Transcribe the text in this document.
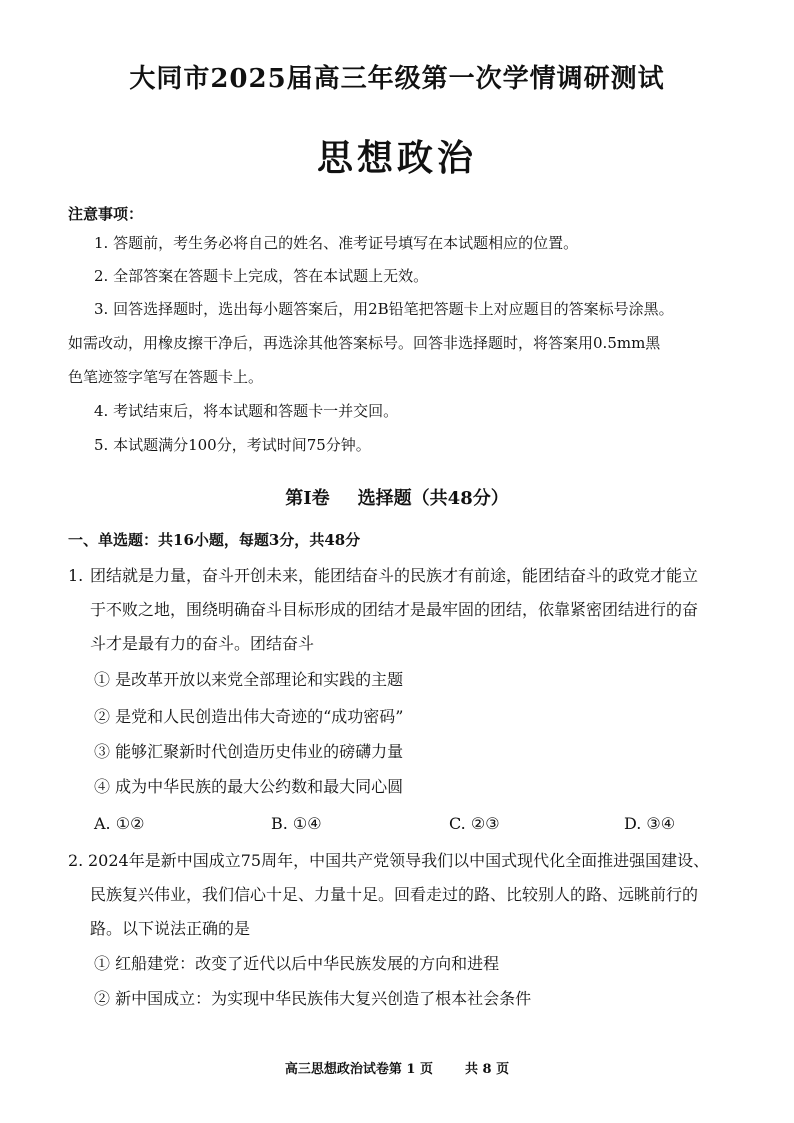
大同市2025届高三年级第一次学情调研测试
思想政治
注意事项：
1. 答题前，考生务必将自己的姓名、准考证号填写在本试题相应的位置。
2. 全部答案在答题卡上完成，答在本试题上无效。
3. 回答选择题时，选出每小题答案后，用2B铅笔把答题卡上对应题目的答案标号涂黑。
如需改动，用橡皮擦干净后，再选涂其他答案标号。回答非选择题时，将答案用0.5mm黑
色笔迹签字笔写在答题卡上。
4. 考试结束后，将本试题和答题卡一并交回。
5. 本试题满分100分，考试时间75分钟。
第Ⅰ卷 选择题（共48分）
一、单选题：共16小题，每题3分，共48分
1. 团结就是力量，奋斗开创未来，能团结奋斗的民族才有前途，能团结奋斗的政党才能立
于不败之地，围绕明确奋斗目标形成的团结才是最牢固的团结，依靠紧密团结进行的奋
斗才是最有力的奋斗。团结奋斗
① 是改革开放以来党全部理论和实践的主题
② 是党和人民创造出伟大奇迹的“成功密码”
③ 能够汇聚新时代创造历史伟业的磅礴力量
④ 成为中华民族的最大公约数和最大同心圆
A. ①②	B. ①④	C. ②③	D. ③④
2. 2024年是新中国成立75周年，中国共产党领导我们以中国式现代化全面推进强国建设、
民族复兴伟业，我们信心十足、力量十足。回看走过的路、比较别人的路、远眺前行的
路。以下说法正确的是
① 红船建党：改变了近代以后中华民族发展的方向和进程
② 新中国成立：为实现中华民族伟大复兴创造了根本社会条件
高三思想政治试卷第 1 页 共 8 页
